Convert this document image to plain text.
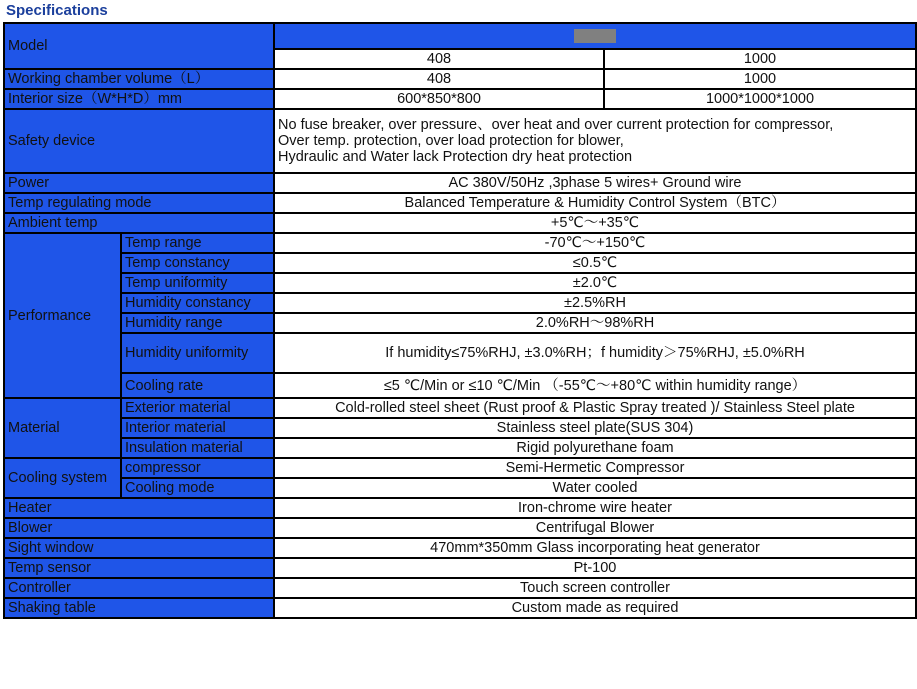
Specifications
Model			
		408	1000
Working chamber volume（L）		408	1000
Interior size（W*H*D）mm		600*850*800	1000*1000*1000
Safety device		No fuse breaker, over pressure、over heat and over current protection for compressor,
Over temp. protection, over load protection for blower,
Hydraulic and Water lack Protection dry heat protection	

Power		AC 380V/50Hz ,3phase 5 wires+ Ground wire	
Temp regulating mode		Balanced Temperature & Humidity Control System（BTC）	
Ambient temp		+5℃～+35℃	
Performance	Temp range	-70℃～+150℃	
	Temp constancy	≤0.5℃	
	Temp uniformity	±2.0℃	
	Humidity constancy	±2.5%RH	
	Humidity range	2.0%RH～98%RH	
	Humidity uniformity	If humidity≤75%RHJ, ±3.0%RH；f humidity＞75%RHJ, ±5.0%RH	
	Cooling rate	≤5 ℃/Min or ≤10 ℃/Min （-55℃～+80℃ within humidity range）	
Material	Exterior material	Cold-rolled steel sheet (Rust proof & Plastic Spray treated )/ Stainless Steel plate	
	Interior material	Stainless steel plate(SUS 304)	
	Insulation material	Rigid polyurethane foam	
Cooling system	compressor	Semi-Hermetic Compressor	
	Cooling mode	Water cooled	
Heater		Iron-chrome wire heater	
Blower		Centrifugal Blower	
Sight window		470mm*350mm Glass incorporating heat generator	
Temp sensor		Pt-100	
Controller		Touch screen controller	
Shaking table		Custom made as required	
